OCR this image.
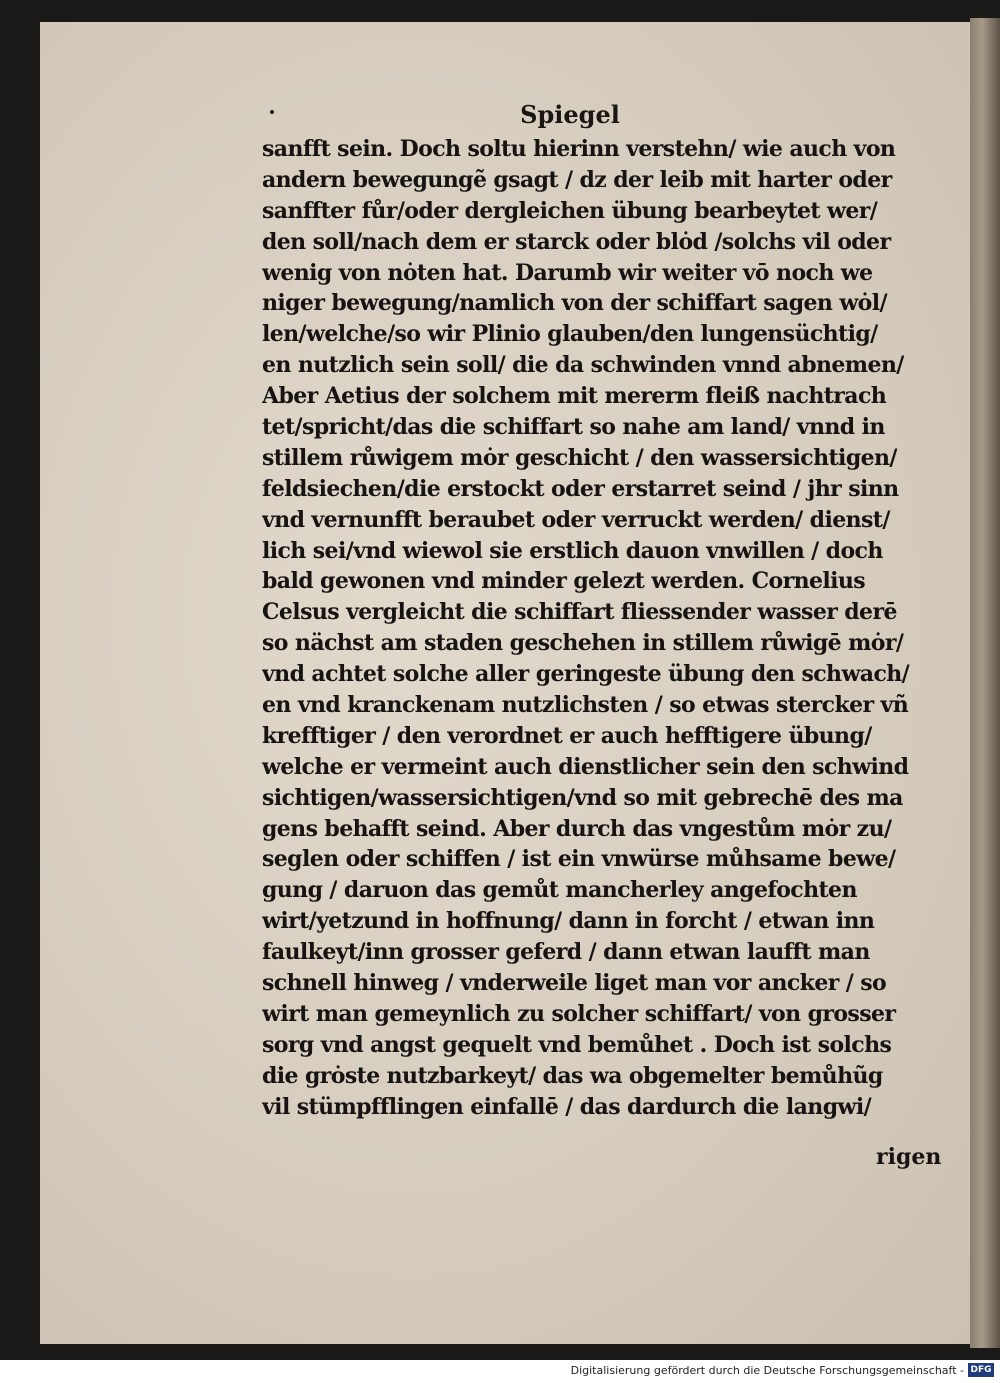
Spiegel
sanfft sein. Doch soltu hierinn verstehn/ wie auch von
andern bewegungẽ gsagt / dz der leib mit harter oder
sanffter fůr/oder dergleichen übung bearbeytet wer/
den soll/nach dem er starck oder blȯd /solchs vil oder
wenig von nȯten hat. Darumb wir weiter vō noch we
niger bewegung/namlich von der schiffart sagen wȯl/
len/welche/so wir Plinio glauben/den lungensüchtig/
en nutzlich sein soll/ die da schwinden vnnd abnemen/
Aber Aetius der solchem mit mererm fleiß nachtrach
tet/spricht/das die schiffart so nahe am land/ vnnd in
stillem růwigem mȯr geschicht / den wassersichtigen/
feldsiechen/die erstockt oder erstarret seind / jhr sinn
vnd vernunfft beraubet oder verruckt werden/ dienst/
lich sei/vnd wiewol sie erstlich dauon vnwillen / doch
bald gewonen vnd minder gelezt werden. Cornelius
Celsus vergleicht die schiffart fliessender wasser derē
so nächst am staden geschehen in stillem růwigē mȯr/
vnd achtet solche aller geringeste übung den schwach/
en vnd kranckenam nutzlichsten / so etwas stercker vñ
krefftiger / den verordnet er auch hefftigere übung/
welche er vermeint auch dienstlicher sein den schwind
sichtigen/wassersichtigen/vnd so mit gebrechē des ma
gens behafft seind. Aber durch das vngestům mȯr zu/
seglen oder schiffen / ist ein vnwürse můhsame bewe/
gung / daruon das gemůt mancherley angefochten
wirt/yetzund in hoffnung/ dann in forcht / etwan inn
faulkeyt/inn grosser geferd / dann etwan laufft man
schnell hinweg / vnderweile liget man vor ancker / so
wirt man gemeynlich zu solcher schiffart/ von grosser
sorg vnd angst gequelt vnd bemůhet . Doch ist solchs
die grȯste nutzbarkeyt/ das wa obgemelter bemůhũg
vil stümpfflingen einfallē / das dardurch die langwi/
rigen
Digitalisierung gefördert durch die Deutsche Forschungsgemeinschaft - DFG
